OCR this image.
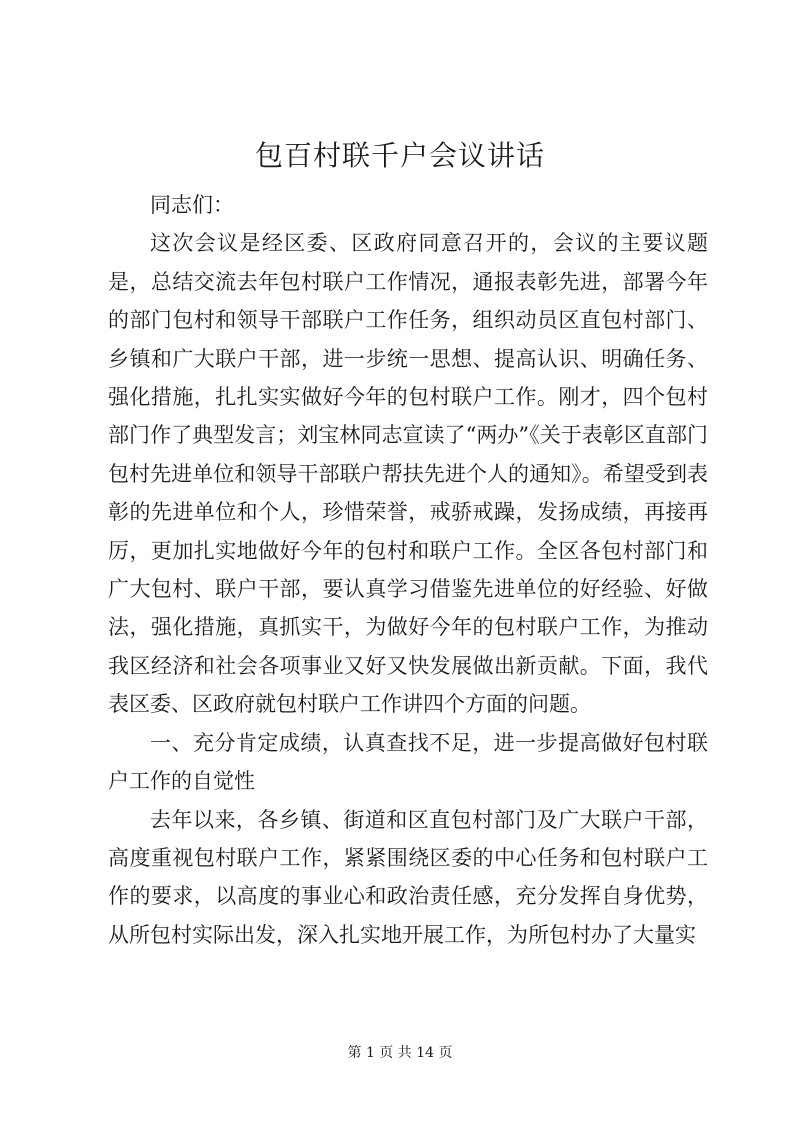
包百村联千户会议讲话

同志们：

这次会议是经区委、区政府同意召开的，会议的主要议题是，总结交流去年包村联户工作情况，通报表彰先进，部署今年的部门包村和领导干部联户工作任务，组织动员区直包村部门、乡镇和广大联户干部，进一步统一思想、提高认识、明确任务、强化措施，扎扎实实做好今年的包村联户工作。刚才，四个包村部门作了典型发言；刘宝林同志宣读了“两办”《关于表彰区直部门包村先进单位和领导干部联户帮扶先进个人的通知》。希望受到表彰的先进单位和个人，珍惜荣誉，戒骄戒躁，发扬成绩，再接再厉，更加扎实地做好今年的包村和联户工作。全区各包村部门和广大包村、联户干部，要认真学习借鉴先进单位的好经验、好做法，强化措施，真抓实干，为做好今年的包村联户工作，为推动我区经济和社会各项事业又好又快发展做出新贡献。下面，我代表区委、区政府就包村联户工作讲四个方面的问题。

一、充分肯定成绩，认真查找不足，进一步提高做好包村联户工作的自觉性

去年以来，各乡镇、街道和区直包村部门及广大联户干部，高度重视包村联户工作，紧紧围绕区委的中心任务和包村联户工作的要求，以高度的事业心和政治责任感，充分发挥自身优势，从所包村实际出发，深入扎实地开展工作，为所包村办了大量实

第 1 页 共 14 页
